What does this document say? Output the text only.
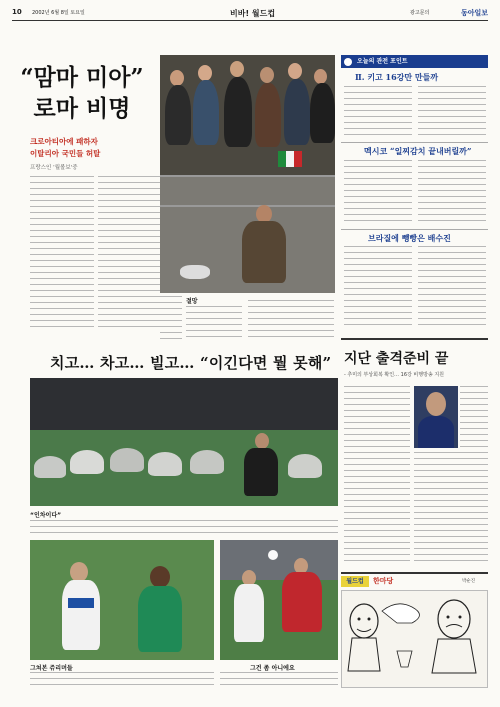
10 2002년 6월 8일 토요일	비바! 월드컵	광고문의	동아일보
“맘마 미아”
로마 비명
크로아티아에 패하자
이탈리아 국민들 허탈
프랑스인 ‘월볼보'중
절망
오늘의 관전 포인트
Ⅱ. 키고 16강만 만들까
멕시코 “일찌감치 끝내버릴까”
브라질에 뺑빵은 배수진
지단 출격준비 끝
- 추미의 부상회복 확인… 16강 비행방송 지원
치고… 차고… 빌고… “이긴다면 뭘 못해”
“인차이다”
그쳐본 쥬리머들	그건 좀 아니에요
월드컵	한마당	박순진
